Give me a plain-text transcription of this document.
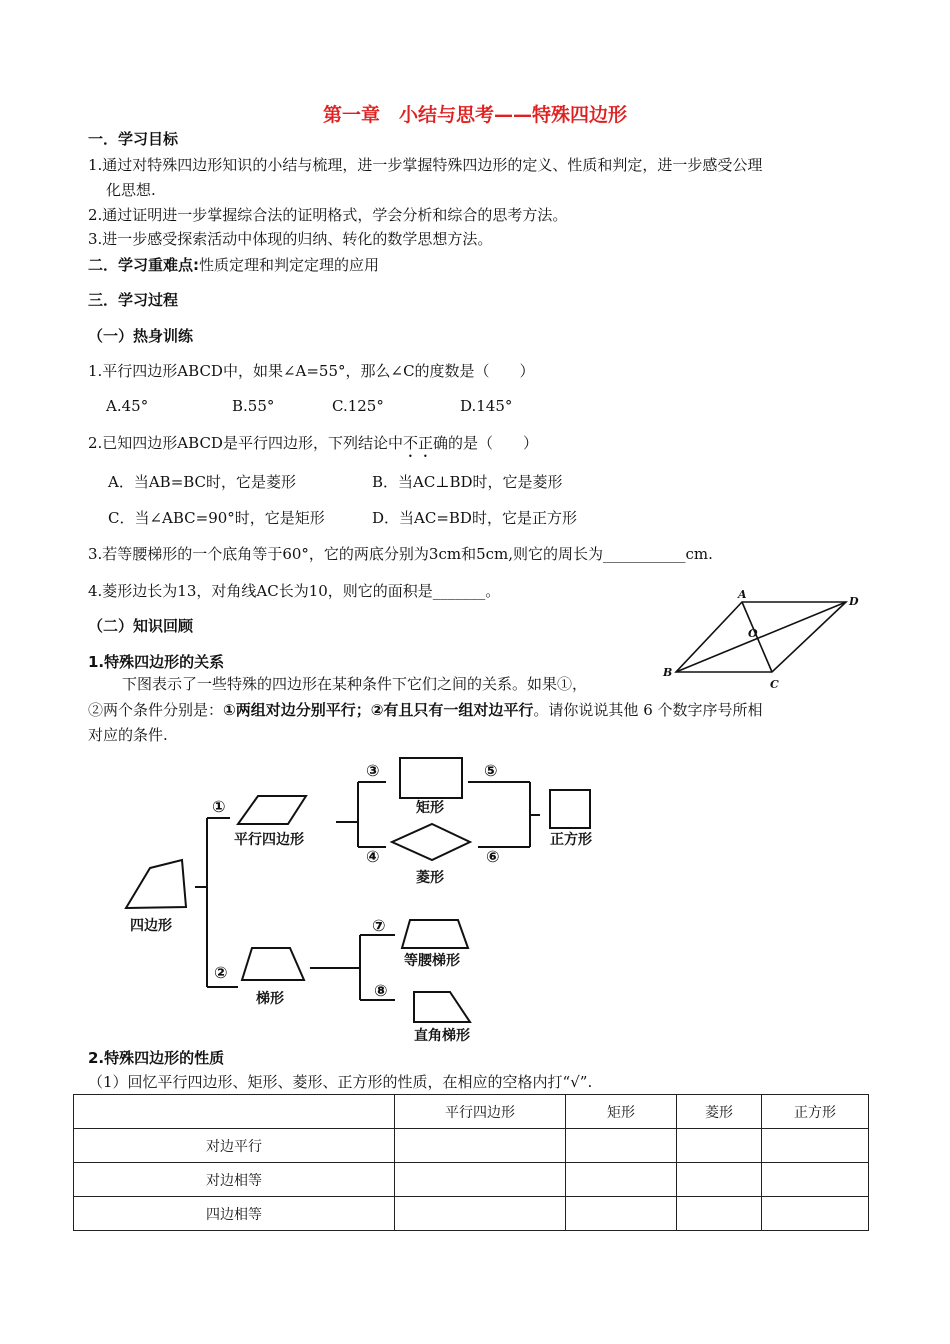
第一章　小结与思考——特殊四边形
一．学习目标
1.通过对特殊四边形知识的小结与梳理，进一步掌握特殊四边形的定义、性质和判定，进一步感受公理
化思想.
2.通过证明进一步掌握综合法的证明格式，学会分析和综合的思考方法。
3.进一步感受探索活动中体现的归纳、转化的数学思想方法。
二．学习重难点:性质定理和判定定理的应用
三．学习过程
（一）热身训练
1.平行四边形ABCD中，如果∠A=55°，那么∠C的度数是（　　）
A.45°	B.55°	C.125°	D.145°
2.已知四边形ABCD是平行四边形，下列结论中不正确的是（　　）
A．当AB=BC时，它是菱形	B．当AC⊥BD时，它是菱形
C．当∠ABC=90°时，它是矩形	D．当AC=BD时，它是正方形
3.若等腰梯形的一个底角等于60°，它的两底分别为3cm和5cm,则它的周长为___________cm.
4.菱形边长为13，对角线AC长为10，则它的面积是_______。	A
D
B
C
O
（二）知识回顾
1.特殊四边形的关系
下图表示了一些特殊的四边形在某种条件下它们之间的关系。如果①，
②两个条件分别是：①两组对边分别平行；②有且只有一组对边平行。请你说说其他 6 个数字序号所相
对应的条件.
四边形
平行四边形
梯形
矩形
菱形
正方形
等腰梯形
直角梯形
①
②
③
④
⑤
⑥
⑦
⑧
2.特殊四边形的性质
（1）回忆平行四边形、矩形、菱形、正方形的性质，在相应的空格内打“√”.
	平行四边形	矩形	菱形	正方形
对边平行				
对边相等				
四边相等				
